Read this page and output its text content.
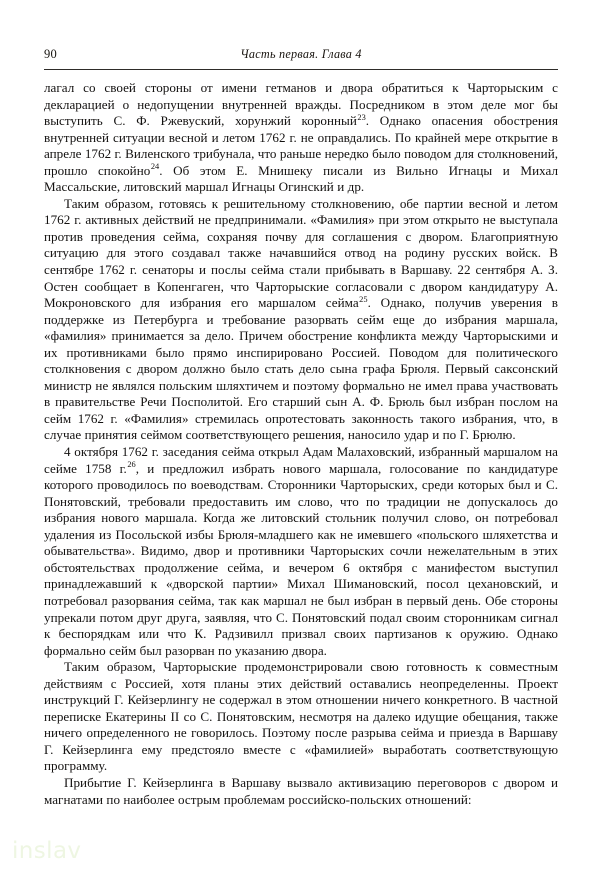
90	Часть первая. Глава 4

лагал со своей стороны от имени гетманов и двора обратиться к Чарторыским с декларацией о недопущении внутренней вражды. Посредником в этом деле мог бы выступить С. Ф. Ржевуский, хорунжий коронный$^{23}$. Однако опасения обострения внутренней ситуации весной и летом 1762 г. не оправдались. По крайней мере открытие в апреле 1762 г. Виленского трибунала, что раньше нередко было поводом для столкновений, прошло спокойно$^{24}$. Об этом Е. Мнишеку писали из Вильно Игнацы и Михал Массальские, литовский маршал Игнацы Огинский и др.

Таким образом, готовясь к решительному столкновению, обе партии весной и летом 1762 г. активных действий не предпринимали. «Фамилия» при этом открыто не выступала против проведения сейма, сохраняя почву для соглашения с двором. Благоприятную ситуацию для этого создавал также начавшийся отвод на родину русских войск. В сентябре 1762 г. сенаторы и послы сейма стали прибывать в Варшаву. 22 сентября А. З. Остен сообщает в Копенгаген, что Чарторыские согласовали с двором кандидатуру А. Мокроновского для избрания его маршалом сейма$^{25}$. Однако, получив уверения в поддержке из Петербурга и требование разорвать сейм еще до избрания маршала, «фамилия» принимается за дело. Причем обострение конфликта между Чарторыскими и их противниками было прямо инспирировано Россией. Поводом для политического столкновения с двором должно было стать дело сына графа Брюля. Первый саксонский министр не являлся польским шляхтичем и поэтому формально не имел права участвовать в правительстве Речи Посполитой. Его старший сын А. Ф. Брюль был избран послом на сейм 1762 г. «Фамилия» стремилась опротестовать законность такого избрания, что, в случае принятия сеймом соответствующего решения, наносило удар и по Г. Брюлю.

4 октября 1762 г. заседания сейма открыл Адам Малаховский, избранный маршалом на сейме 1758 г.$^{26}$, и предложил избрать нового маршала, голосование по кандидатуре которого проводилось по воеводствам. Сторонники Чарторыских, среди которых был и С. Понятовский, требовали предоставить им слово, что по традиции не допускалось до избрания нового маршала. Когда же литовский стольник получил слово, он потребовал удаления из Посольской избы Брюля-младшего как не имевшего «польского шляхетства и обывательства». Видимо, двор и противники Чарторыских сочли нежелательным в этих обстоятельствах продолжение сейма, и вечером 6 октября с манифестом выступил принадлежавший к «дворской партии» Михал Шимановский, посол цехановский, и потребовал разорвания сейма, так как маршал не был избран в первый день. Обе стороны упрекали потом друг друга, заявляя, что С. Понятовский подал своим сторонникам сигнал к беспорядкам или что К. Радзивилл призвал своих партизанов к оружию. Однако формально сейм был разорван по указанию двора.

Таким образом, Чарторыские продемонстрировали свою готовность к совместным действиям с Россией, хотя планы этих действий оставались неопределенны. Проект инструкций Г. Кейзерлингу не содержал в этом отношении ничего конкретного. В частной переписке Екатерины II со С. Понятовским, несмотря на далеко идущие обещания, также ничего определенного не говорилось. Поэтому после разрыва сейма и приезда в Варшаву Г. Кейзерлинга ему предстояло вместе с «фамилией» выработать соответствующую программу.

Прибытие Г. Кейзерлинга в Варшаву вызвало активизацию переговоров с двором и магнатами по наиболее острым проблемам российско-польских отношений:

inslav
